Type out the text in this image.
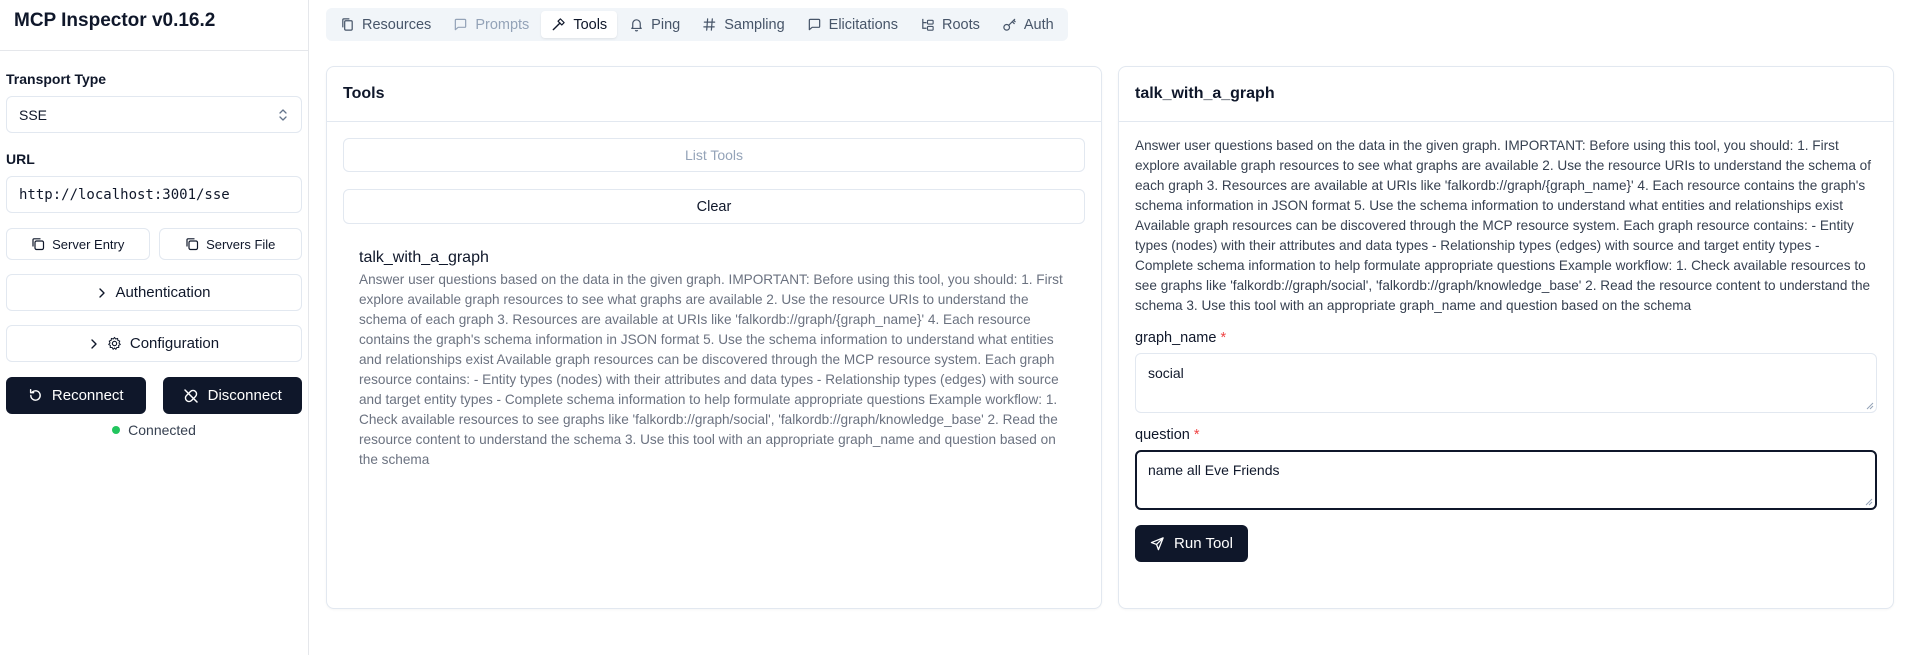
MCP Inspector v0.16.2
Transport Type
SSE
URL
http://localhost:3001/sse
Server Entry	Servers File
Authentication
Configuration
Reconnect	Disconnect
Connected
Resources	Prompts	Tools	Ping	Sampling	Elicitations	Roots	Auth
Tools
List Tools
Clear
talk_with_a_graph
Answer user questions based on the data in the given graph. IMPORTANT: Before using this tool, you should: 1. First explore available graph resources to see what graphs are available 2. Use the resource URIs to understand the schema of each graph 3. Resources are available at URIs like 'falkordb://graph/{graph_name}' 4. Each resource contains the graph's schema information in JSON format 5. Use the schema information to understand what entities and relationships exist Available graph resources can be discovered through the MCP resource system. Each graph resource contains: - Entity types (nodes) with their attributes and data types - Relationship types (edges) with source and target entity types - Complete schema information to help formulate appropriate questions Example workflow: 1. Check available resources to see graphs like 'falkordb://graph/social', 'falkordb://graph/knowledge_base' 2. Read the resource content to understand the schema 3. Use this tool with an appropriate graph_name and question based on the schema
talk_with_a_graph
Answer user questions based on the data in the given graph. IMPORTANT: Before using this tool, you should: 1. First explore available graph resources to see what graphs are available 2. Use the resource URIs to understand the schema of each graph 3. Resources are available at URIs like 'falkordb://graph/{graph_name}' 4. Each resource contains the graph's schema information in JSON format 5. Use the schema information to understand what entities and relationships exist Available graph resources can be discovered through the MCP resource system. Each graph resource contains: - Entity types (nodes) with their attributes and data types - Relationship types (edges) with source and target entity types - Complete schema information to help formulate appropriate questions Example workflow: 1. Check available resources to see graphs like 'falkordb://graph/social', 'falkordb://graph/knowledge_base' 2. Read the resource content to understand the schema 3. Use this tool with an appropriate graph_name and question based on the schema
graph_name *
social
question *
name all Eve Friends
Run Tool
